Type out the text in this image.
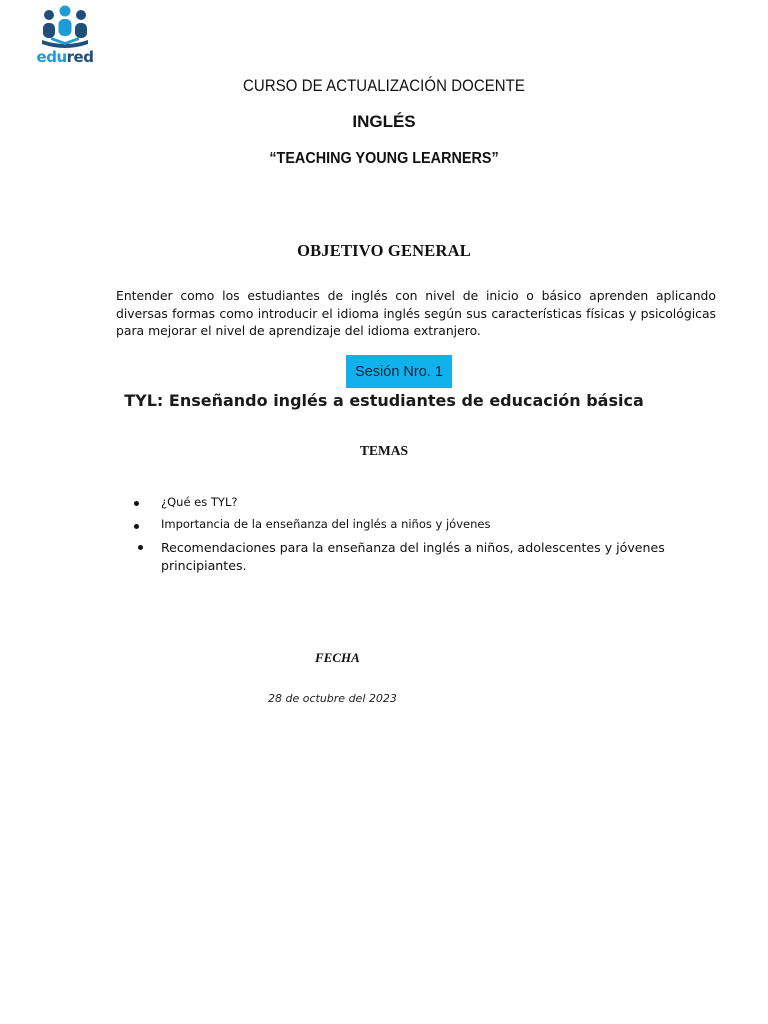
edured
CURSO DE ACTUALIZACIÓN DOCENTE
INGLÉS
“TEACHING YOUNG LEARNERS”
OBJETIVO GENERAL
Entender como los estudiantes de inglés con nivel de inicio o básico aprenden aplicando diversas formas como introducir el idioma inglés según sus características físicas y psicológicas para mejorar el nivel de aprendizaje del idioma extranjero.
Sesión Nro. 1
TYL: Enseñando inglés a estudiantes de educación básica
TEMAS
¿Qué es TYL?
Importancia de la enseñanza del inglés a niños y jóvenes
Recomendaciones para la enseñanza del inglés a niños, adolescentes y jóvenes principiantes.
FECHA
28 de octubre del 2023
